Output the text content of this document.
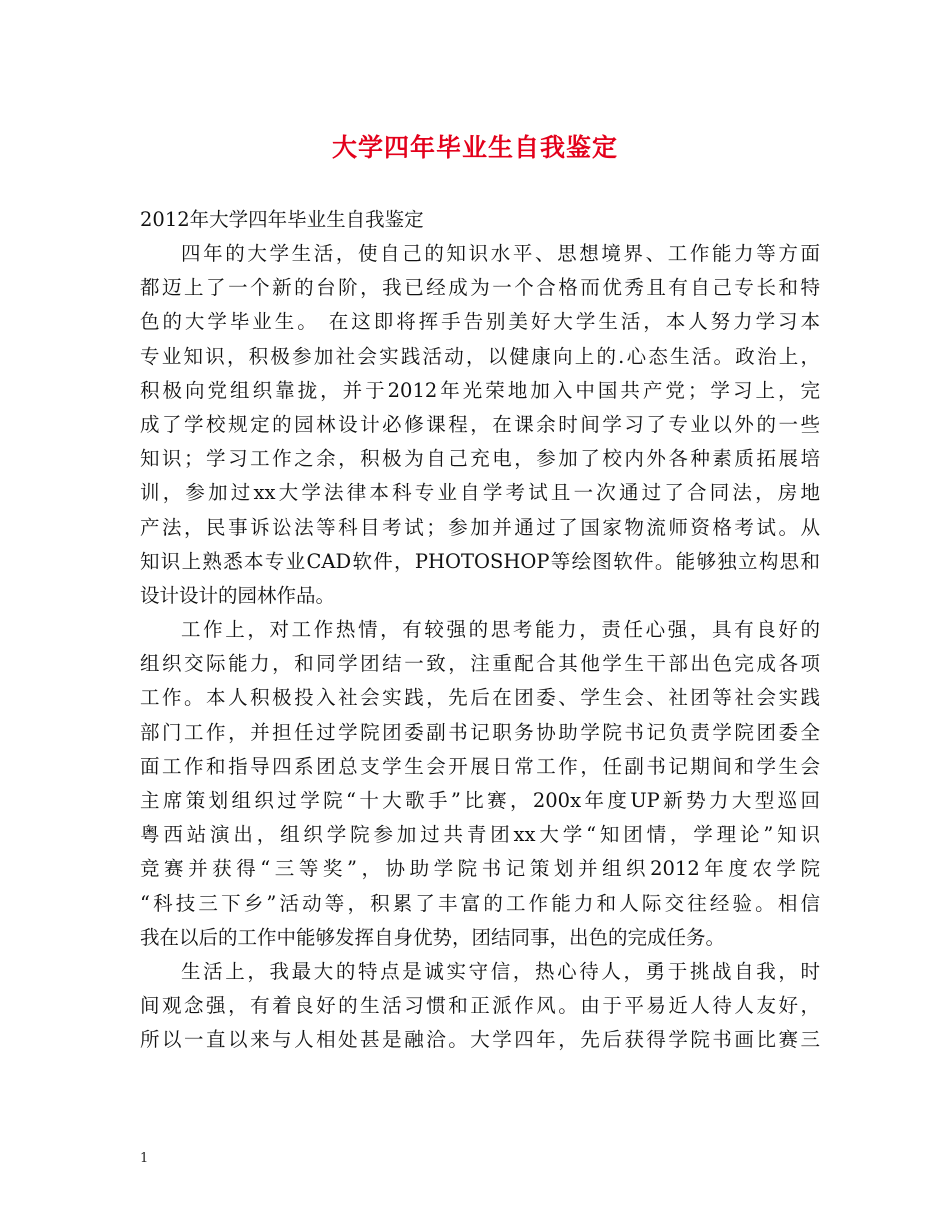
大学四年毕业生自我鉴定
2012年大学四年毕业生自我鉴定
四年的大学生活，使自己的知识水平、思想境界、工作能力等方面
都迈上了一个新的台阶，我已经成为一个合格而优秀且有自己专长和特
色的大学毕业生。 在这即将挥手告别美好大学生活，本人努力学习本
专业知识，积极参加社会实践活动，以健康向上的.心态生活。政治上，
积极向党组织靠拢，并于2012年光荣地加入中国共产党；学习上，完
成了学校规定的园林设计必修课程，在课余时间学习了专业以外的一些
知识；学习工作之余，积极为自己充电，参加了校内外各种素质拓展培
训，参加过xx大学法律本科专业自学考试且一次通过了合同法，房地
产法，民事诉讼法等科目考试；参加并通过了国家物流师资格考试。从
知识上熟悉本专业CAD软件，PHOTOSHOP等绘图软件。能够独立构思和
设计设计的园林作品。
工作上，对工作热情，有较强的思考能力，责任心强，具有良好的
组织交际能力，和同学团结一致，注重配合其他学生干部出色完成各项
工作。本人积极投入社会实践，先后在团委、学生会、社团等社会实践
部门工作，并担任过学院团委副书记职务协助学院书记负责学院团委全
面工作和指导四系团总支学生会开展日常工作，任副书记期间和学生会
主席策划组织过学院“十大歌手”比赛，200x年度UP新势力大型巡回
粤西站演出，组织学院参加过共青团xx大学“知团情，学理论”知识
竞赛并获得“三等奖”，协助学院书记策划并组织2012年度农学院
“科技三下乡”活动等，积累了丰富的工作能力和人际交往经验。相信
我在以后的工作中能够发挥自身优势，团结同事，出色的完成任务。
生活上，我最大的特点是诚实守信，热心待人，勇于挑战自我，时
间观念强，有着良好的生活习惯和正派作风。由于平易近人待人友好，
所以一直以来与人相处甚是融洽。大学四年，先后获得学院书画比赛三
1
